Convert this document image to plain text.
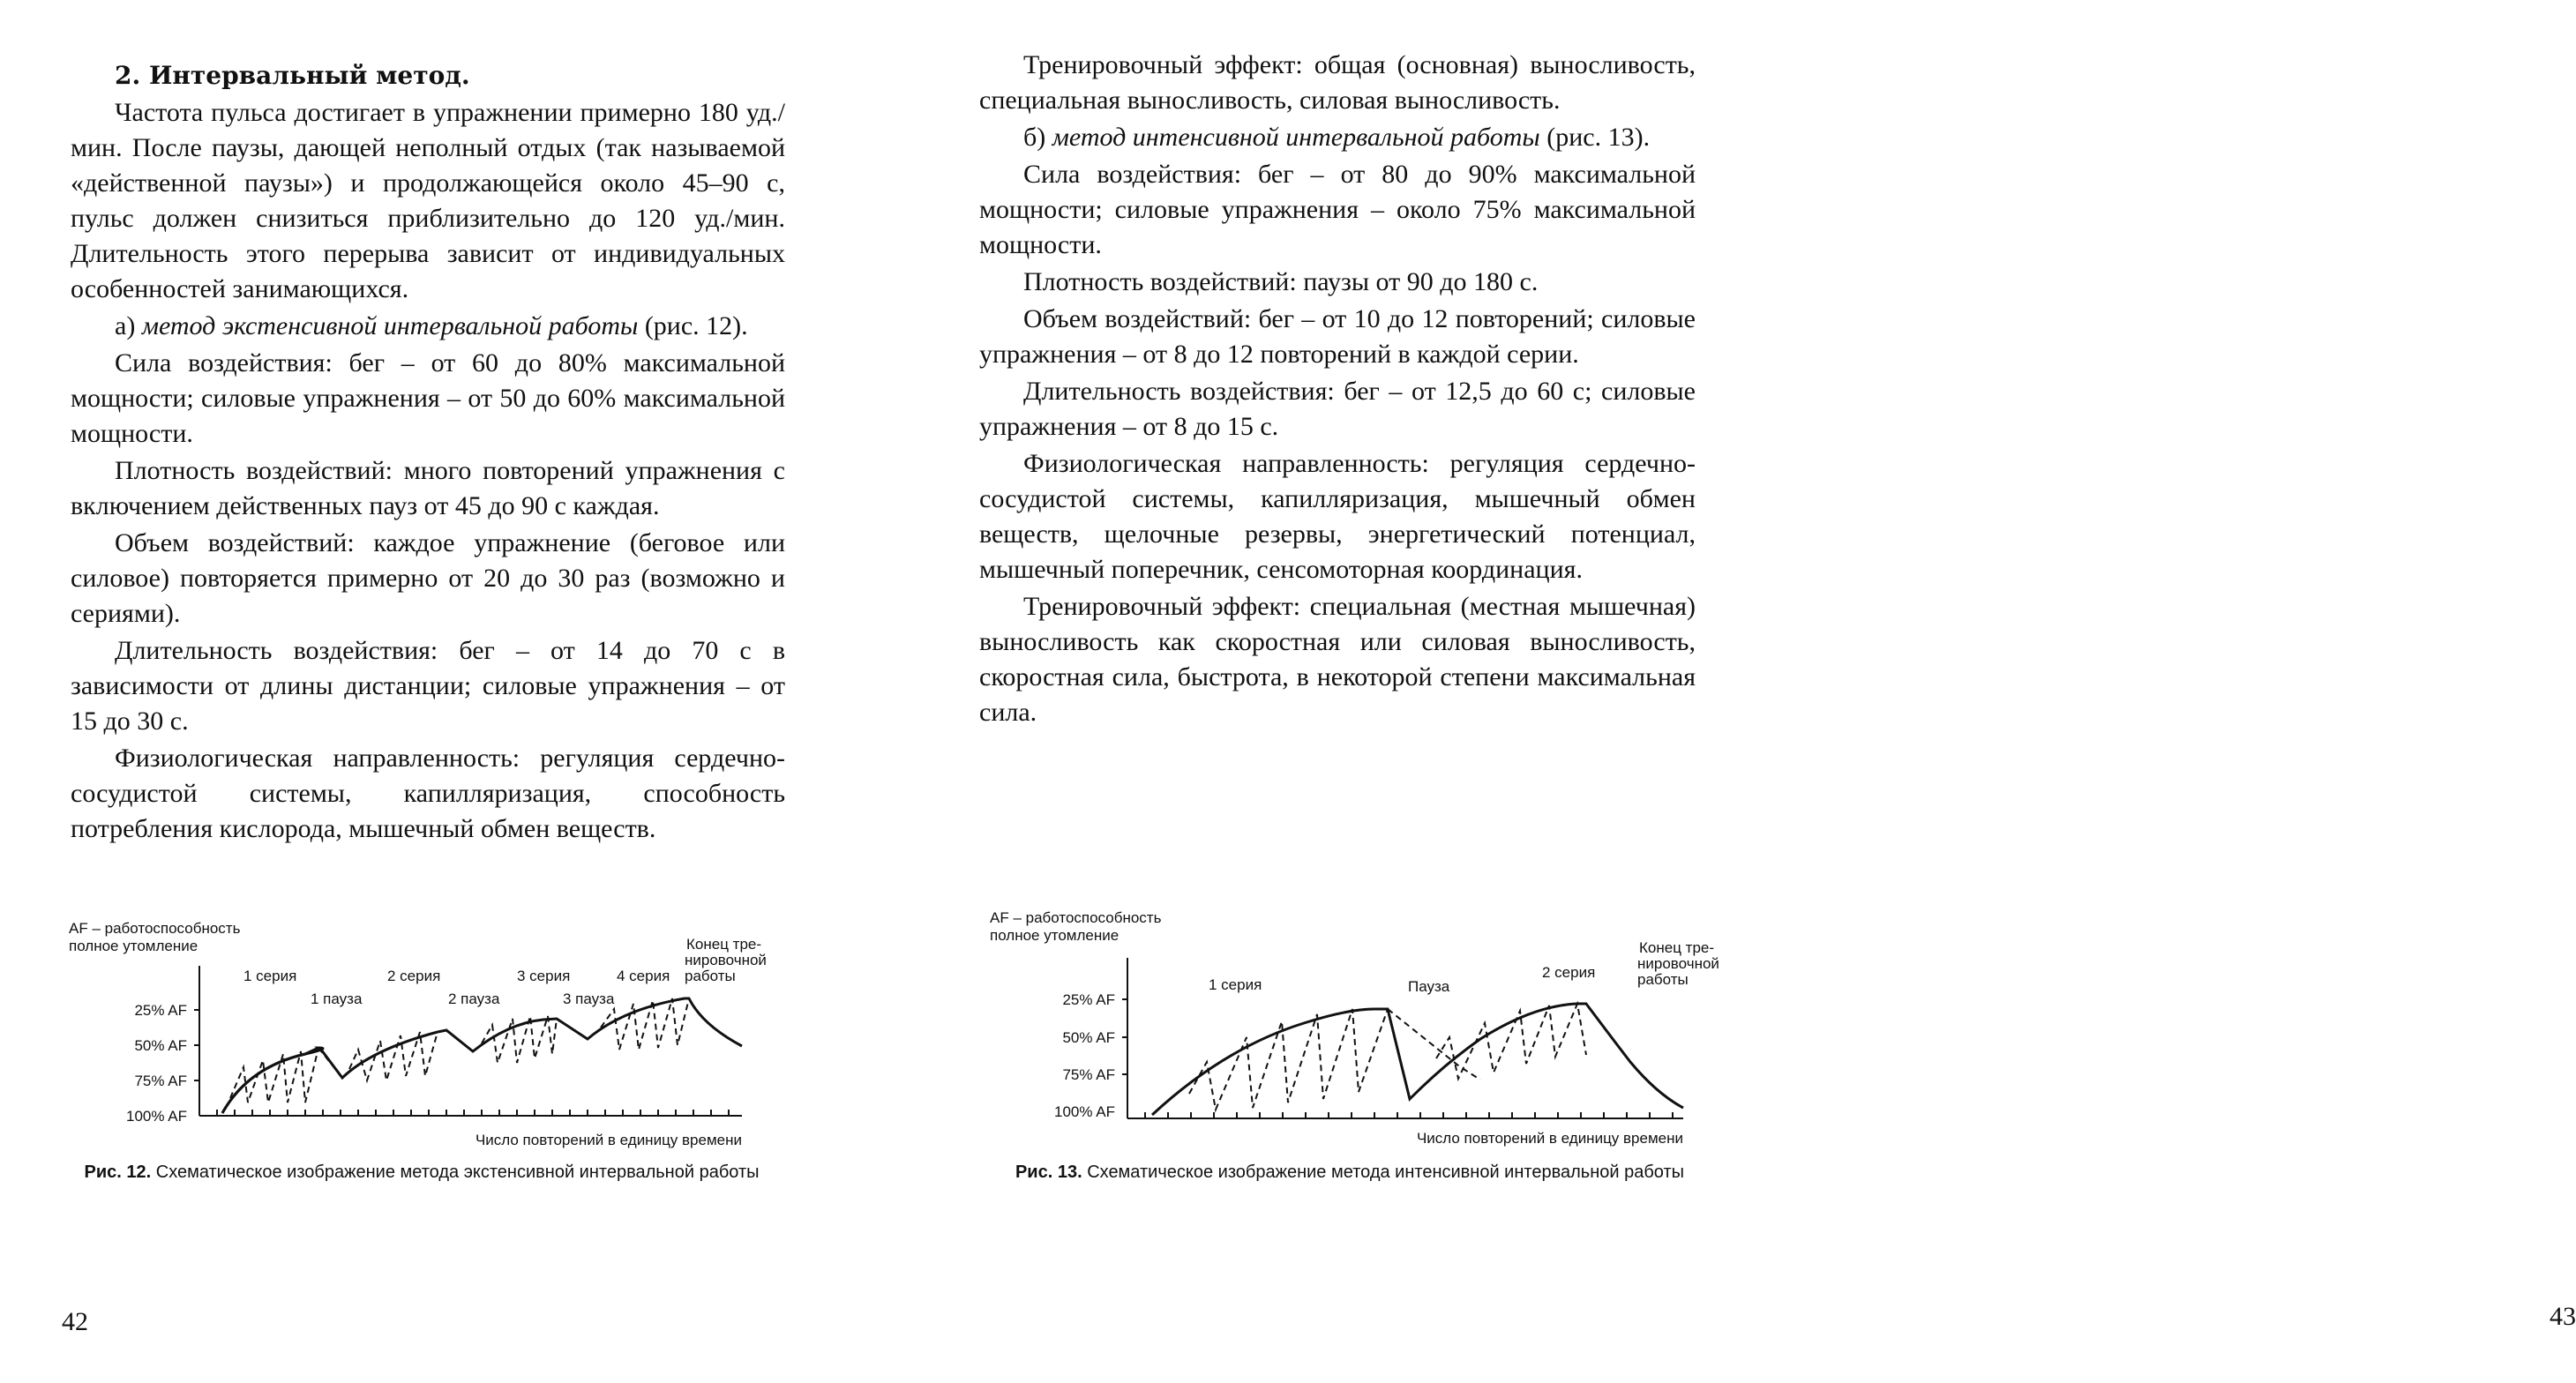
2. Интервальный метод.

Частота пульса достигает в упражнении примерно 180 уд./мин. После паузы, дающей неполный отдых (так называемой «действенной паузы») и продолжающейся около 45–90 с, пульс должен снизиться приблизительно до 120 уд./мин. Длительность этого перерыва зависит от индивидуальных особенностей занимающихся.

а) метод экстенсивной интервальной работы (рис. 12).

Сила воздействия: бег – от 60 до 80% максимальной мощности; силовые упражнения – от 50 до 60% максимальной мощности.

Плотность воздействий: много повторений упражнения с включением действенных пауз от 45 до 90 с каждая.

Объем воздействий: каждое упражнение (беговое или силовое) повторяется примерно от 20 до 30 раз (возможно и сериями).

Длительность воздействия: бег – от 14 до 70 с в зависимости от длины дистанции; силовые упражнения – от 15 до 30 с.

Физиологическая направленность: регуляция сердечно-сосудистой системы, капилляризация, способность потребления кислорода, мышечный обмен веществ.

AF – работоспособность
полное утомление
25% AF
50% AF
75% AF
100% AF
1 серия	2 серия	3 серия	4 серия
1 пауза	2 пауза	3 пауза
Конец тре-
нировочной
работы
Число повторений в единицу времени
Рис. 12. Схематическое изображение метода экстенсивной интервальной работы
42

Тренировочный эффект: общая (основная) выносливость, специальная выносливость, силовая выносливость.

б) метод интенсивной интервальной работы (рис. 13).

Сила воздействия: бег – от 80 до 90% максимальной мощности; силовые упражнения – около 75% максимальной мощности.

Плотность воздействий: паузы от 90 до 180 с.

Объем воздействий: бег – от 10 до 12 повторений; силовые упражнения – от 8 до 12 повторений в каждой серии.

Длительность воздействия: бег – от 12,5 до 60 с; силовые упражнения – от 8 до 15 с.

Физиологическая направленность: регуляция сердечно-сосудистой системы, капилляризация, мышечный обмен веществ, щелочные резервы, энергетический потенциал, мышечный поперечник, сенсомоторная координация.

Тренировочный эффект: специальная (местная мышечная) выносливость как скоростная или силовая выносливость, скоростная сила, быстрота, в некоторой степени максимальная сила.

AF – работоспособность
полное утомление
25% AF
50% AF
75% AF
100% AF
1 серия
2 серия
Пауза
Конец тре-
нировочной
работы
Число повторений в единицу времени
43
Рис. 13. Схематическое изображение метода интенсивной интервальной работы
